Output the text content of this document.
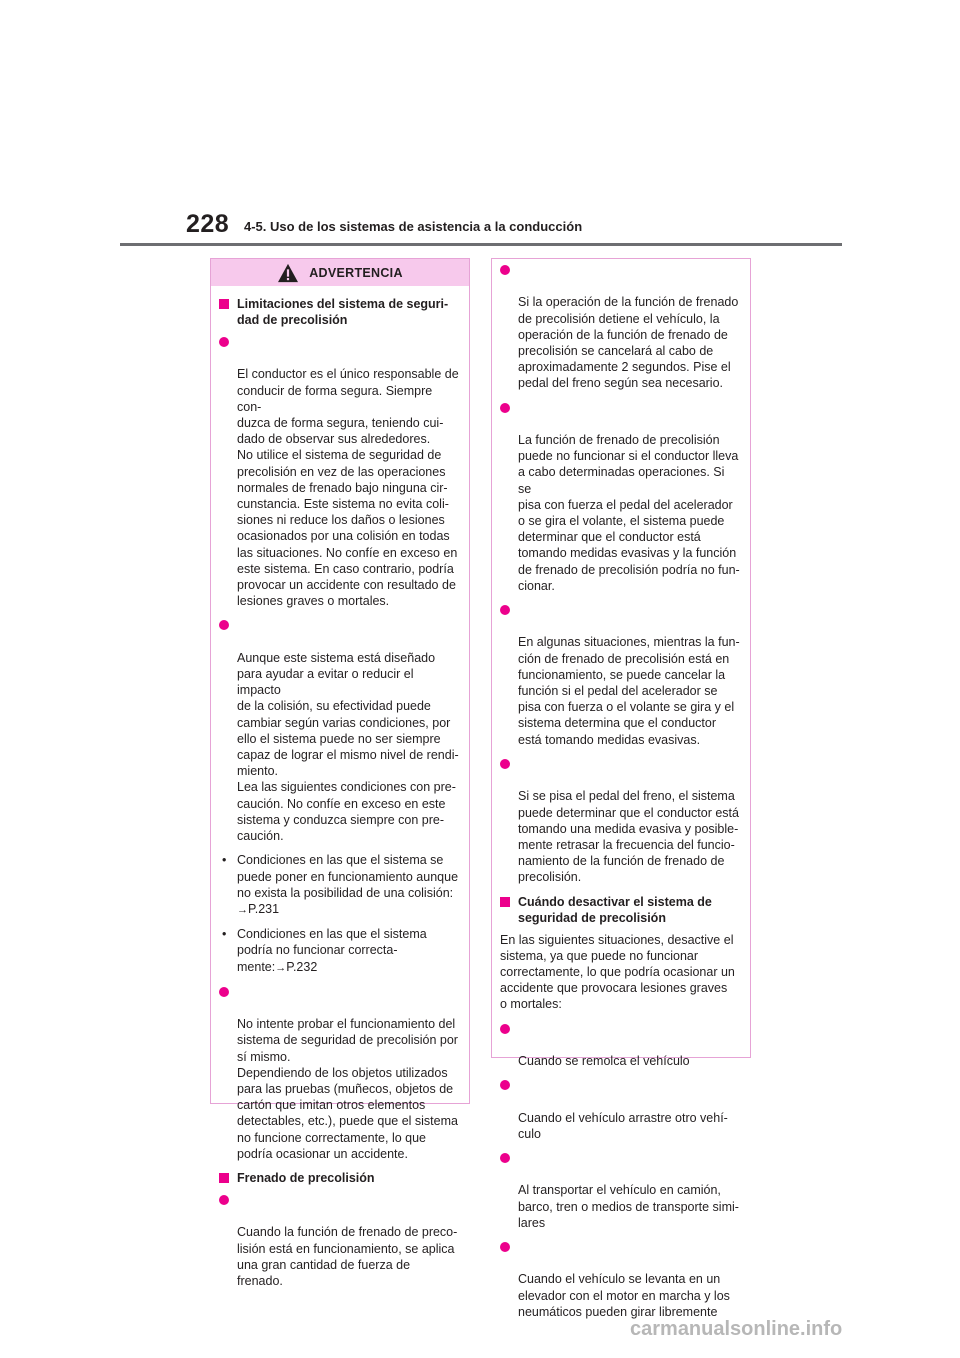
228 4-5. Uso de los sistemas de asistencia a la conducción
ADVERTENCIA
Limitaciones del sistema de seguri-
dad de precolisión

El conductor es el único responsable de
conducir de forma segura. Siempre con-
duzca de forma segura, teniendo cui-
dado de observar sus alrededores.
No utilice el sistema de seguridad de
precolisión en vez de las operaciones
normales de frenado bajo ninguna cir-
cunstancia. Este sistema no evita coli-
siones ni reduce los daños o lesiones
ocasionados por una colisión en todas
las situaciones. No confíe en exceso en
este sistema. En caso contrario, podría
provocar un accidente con resultado de
lesiones graves o mortales.

Aunque este sistema está diseñado
para ayudar a evitar o reducir el impacto
de la colisión, su efectividad puede
cambiar según varias condiciones, por
ello el sistema puede no ser siempre
capaz de lograr el mismo nivel de rendi-
miento.
Lea las siguientes condiciones con pre-
caución. No confíe en exceso en este
sistema y conduzca siempre con pre-
caución.

• Condiciones en las que el sistema se
puede poner en funcionamiento aunque
no exista la posibilidad de una colisión:
→P.231
• Condiciones en las que el sistema
podría no funcionar correcta-
mente:→P.232

No intente probar el funcionamiento del
sistema de seguridad de precolisión por
sí mismo.
Dependiendo de los objetos utilizados
para las pruebas (muñecos, objetos de
cartón que imitan otros elementos
detectables, etc.), puede que el sistema
no funcione correctamente, lo que
podría ocasionar un accidente.

Frenado de precolisión

Cuando la función de frenado de preco-
lisión está en funcionamiento, se aplica
una gran cantidad de fuerza de frenado.

Si la operación de la función de frenado
de precolisión detiene el vehículo, la
operación de la función de frenado de
precolisión se cancelará al cabo de
aproximadamente 2 segundos. Pise el
pedal del freno según sea necesario.

La función de frenado de precolisión
puede no funcionar si el conductor lleva
a cabo determinadas operaciones. Si se
pisa con fuerza el pedal del acelerador
o se gira el volante, el sistema puede
determinar que el conductor está
tomando medidas evasivas y la función
de frenado de precolisión podría no fun-
cionar.

En algunas situaciones, mientras la fun-
ción de frenado de precolisión está en
funcionamiento, se puede cancelar la
función si el pedal del acelerador se
pisa con fuerza o el volante se gira y el
sistema determina que el conductor
está tomando medidas evasivas.

Si se pisa el pedal del freno, el sistema
puede determinar que el conductor está
tomando una medida evasiva y posible-
mente retrasar la frecuencia del funcio-
namiento de la función de frenado de
precolisión.

Cuándo desactivar el sistema de
seguridad de precolisión
En las siguientes situaciones, desactive el
sistema, ya que puede no funcionar
correctamente, lo que podría ocasionar un
accidente que provocara lesiones graves
o mortales:

Cuando se remolca el vehículo

Cuando el vehículo arrastre otro vehí-
culo

Al transportar el vehículo en camión,
barco, tren o medios de transporte simi-
lares

Cuando el vehículo se levanta en un
elevador con el motor en marcha y los
neumáticos pueden girar libremente

carmanualsonline.info
